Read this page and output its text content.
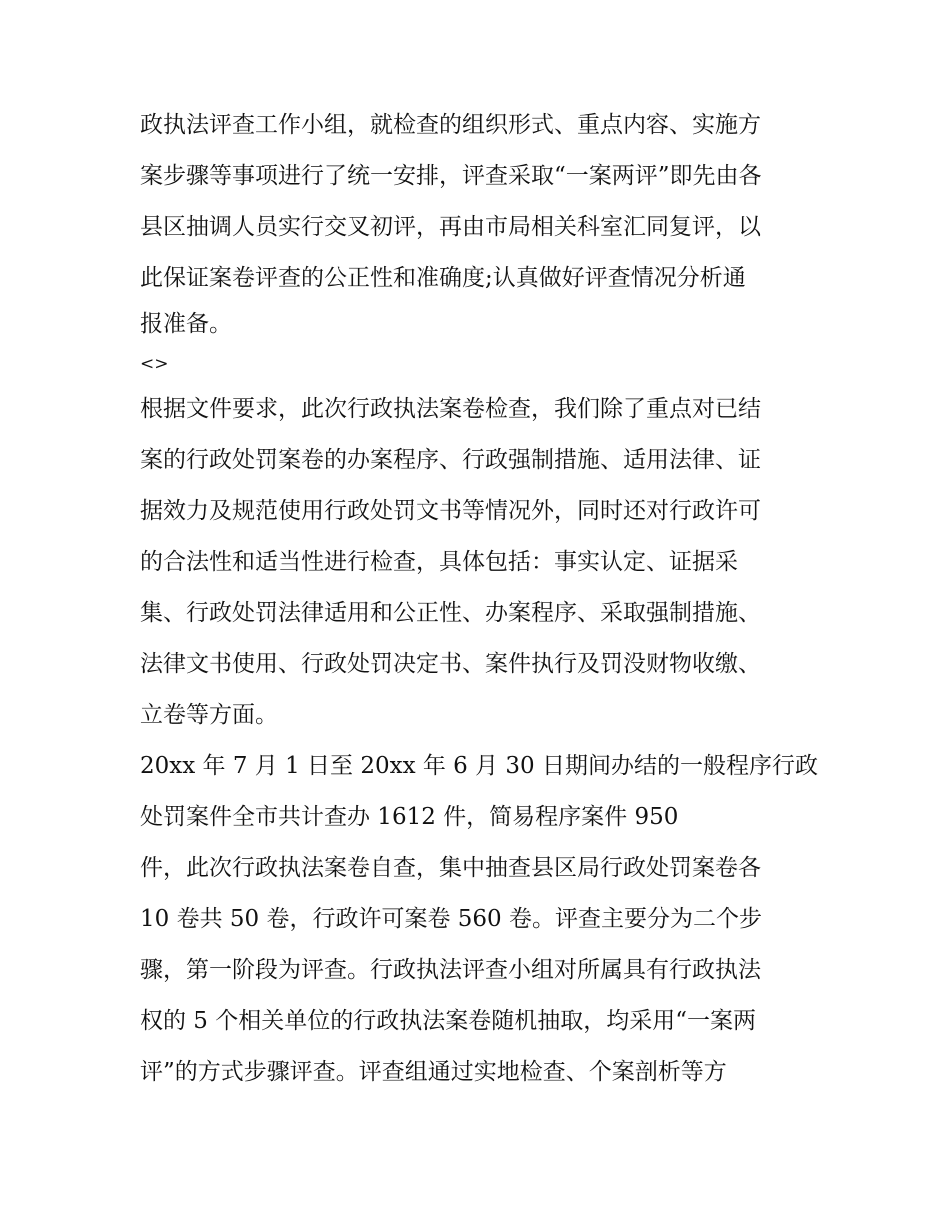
政执法评查工作小组，就检查的组织形式、重点内容、实施方
案步骤等事项进行了统一安排，评查采取“一案两评”即先由各
县区抽调人员实行交叉初评，再由市局相关科室汇同复评，以
此保证案卷评查的公正性和准确度;认真做好评查情况分析通
报准备。
<>
根据文件要求，此次行政执法案卷检查，我们除了重点对已结
案的行政处罚案卷的办案程序、行政强制措施、适用法律、证
据效力及规范使用行政处罚文书等情况外，同时还对行政许可
的合法性和适当性进行检查，具体包括：事实认定、证据采
集、行政处罚法律适用和公正性、办案程序、采取强制措施、
法律文书使用、行政处罚决定书、案件执行及罚没财物收缴、
立卷等方面。
20xx 年 7 月 1 日至 20xx 年 6 月 30 日期间办结的一般程序行政
处罚案件全市共计查办 1612 件，简易程序案件 950
件，此次行政执法案卷自查，集中抽查县区局行政处罚案卷各
10 卷共 50 卷，行政许可案卷 560 卷。评查主要分为二个步
骤，第一阶段为评查。行政执法评查小组对所属具有行政执法
权的 5 个相关单位的行政执法案卷随机抽取，均采用“一案两
评”的方式步骤评查。评查组通过实地检查、个案剖析等方
